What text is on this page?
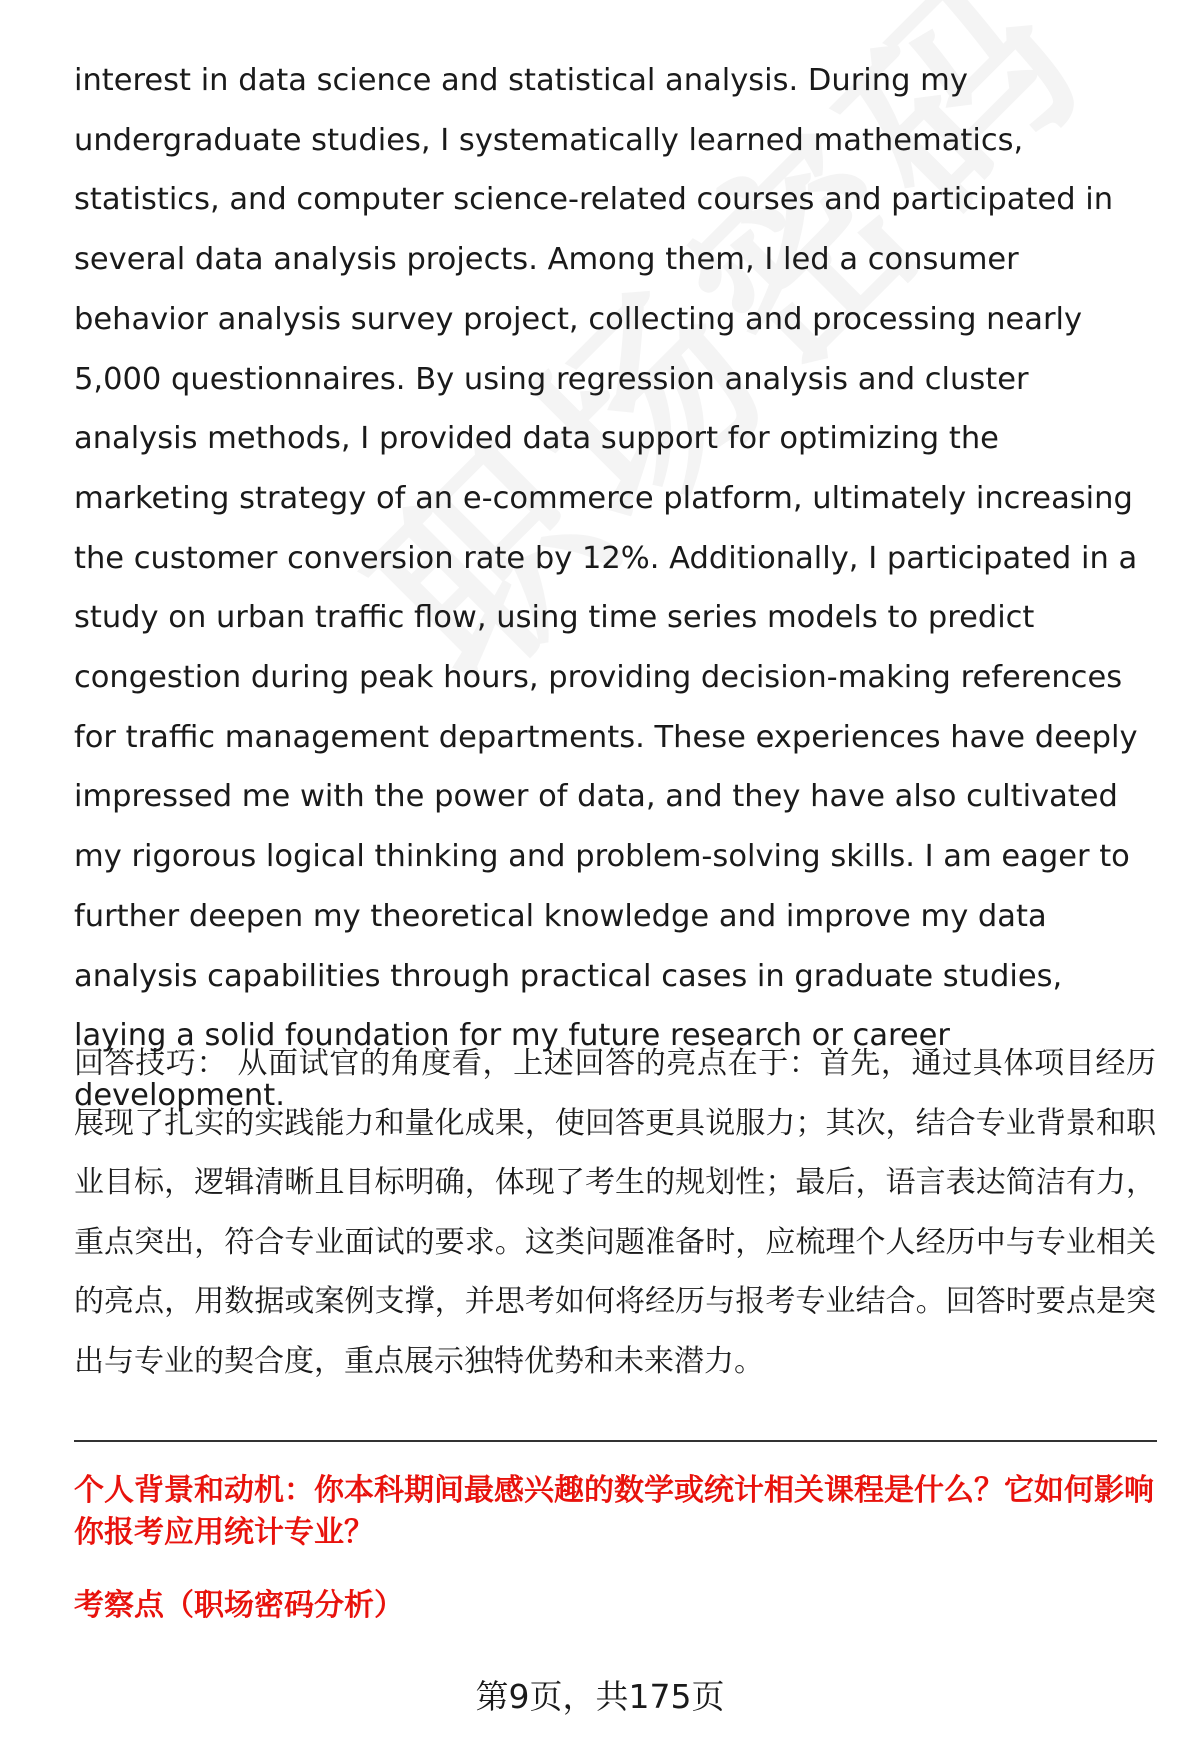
interest in data science and statistical analysis. During my undergraduate studies, I systematically learned mathematics, statistics, and computer science-related courses and participated in several data analysis projects. Among them, I led a consumer behavior analysis survey project, collecting and processing nearly 5,000 questionnaires. By using regression analysis and cluster analysis methods, I provided data support for optimizing the marketing strategy of an e-commerce platform, ultimately increasing the customer conversion rate by 12%. Additionally, I participated in a study on urban traffic flow, using time series models to predict congestion during peak hours, providing decision-making references for traffic management departments. These experiences have deeply impressed me with the power of data, and they have also cultivated my rigorous logical thinking and problem-solving skills. I am eager to further deepen my theoretical knowledge and improve my data analysis capabilities through practical cases in graduate studies, laying a solid foundation for my future research or career development.

回答技巧： 从面试官的角度看，上述回答的亮点在于：首先，通过具体项目经历展现了扎实的实践能力和量化成果，使回答更具说服力；其次，结合专业背景和职业目标，逻辑清晰且目标明确，体现了考生的规划性；最后，语言表达简洁有力，重点突出，符合专业面试的要求。这类问题准备时，应梳理个人经历中与专业相关的亮点，用数据或案例支撑，并思考如何将经历与报考专业结合。回答时要点是突出与专业的契合度，重点展示独特优势和未来潜力。

个人背景和动机：你本科期间最感兴趣的数学或统计相关课程是什么？它如何影响你报考应用统计专业？

考察点（职场密码分析）

第9页，共175页
